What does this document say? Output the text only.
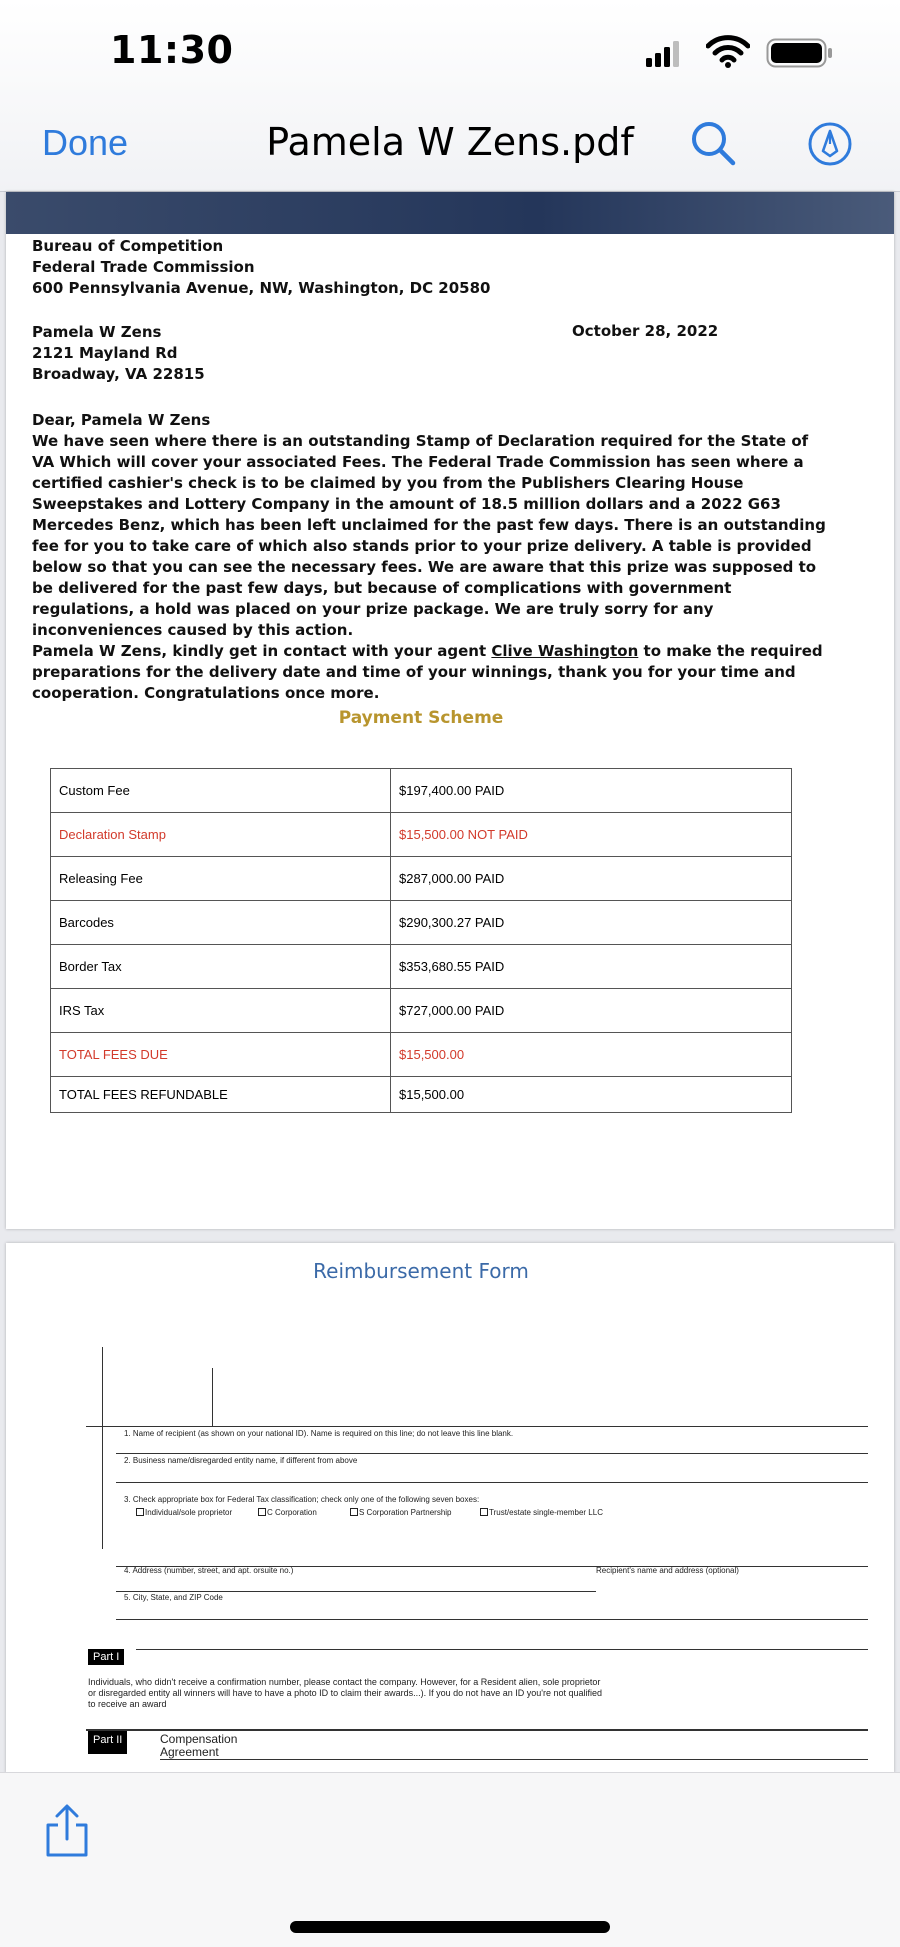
11:30
Done	Pamela W Zens.pdf
Bureau of Competition
Federal Trade Commission
600 Pennsylvania Avenue, NW, Washington, DC 20580
Pamela W Zens
2121 Mayland Rd
Broadway, VA 22815
October 28, 2022

Dear, Pamela W Zens

We have seen where there is an outstanding Stamp of Declaration required for the State of VA Which will cover your associated Fees. The Federal Trade Commission has seen where a certified cashier's check is to be claimed by you from the Publishers Clearing House Sweepstakes and Lottery Company in the amount of 18.5 million dollars and a 2022 G63 Mercedes Benz, which has been left unclaimed for the past few days. There is an outstanding fee for you to take care of which also stands prior to your prize delivery. A table is provided below so that you can see the necessary fees. We are aware that this prize was supposed to be delivered for the past few days, but because of complications with government regulations, a hold was placed on your prize package. We are truly sorry for any inconveniences caused by this action.

Pamela W Zens, kindly get in contact with your agent Clive Washington to make the required preparations for the delivery date and time of your winnings, thank you for your time and cooperation. Congratulations once more.

Payment Scheme
Custom Fee	$197,400.00 PAID
Declaration Stamp	$15,500.00 NOT PAID
Releasing Fee	$287,000.00 PAID
Barcodes	$290,300.27 PAID
Border Tax	$353,680.55 PAID
IRS Tax	$727,000.00 PAID
TOTAL FEES DUE	$15,500.00
TOTAL FEES REFUNDABLE	$15,500.00
Reimbursement Form
1. Name of recipient (as shown on your national ID). Name is required on this line; do not leave this line blank.
2. Business name/disregarded entity name, if different from above
3. Check appropriate box for Federal Tax classification; check only one of the following seven boxes:
Individual/sole proprietor	C Corporation	S Corporation Partnership	Trust/estate single-member LLC
4. Address (number, street, and apt. orsuite no.)	Recipient's name and address (optional)
5. City, State, and ZIP Code
Part I
Individuals, who didn't receive a confirmation number, please contact the company. However, for a Resident alien, sole proprietor or disregarded entity all winners will have to have a photo ID to claim their awards...). If you do not have an ID you're not qualified to receive an award
Part II	Compensation
Agreement
